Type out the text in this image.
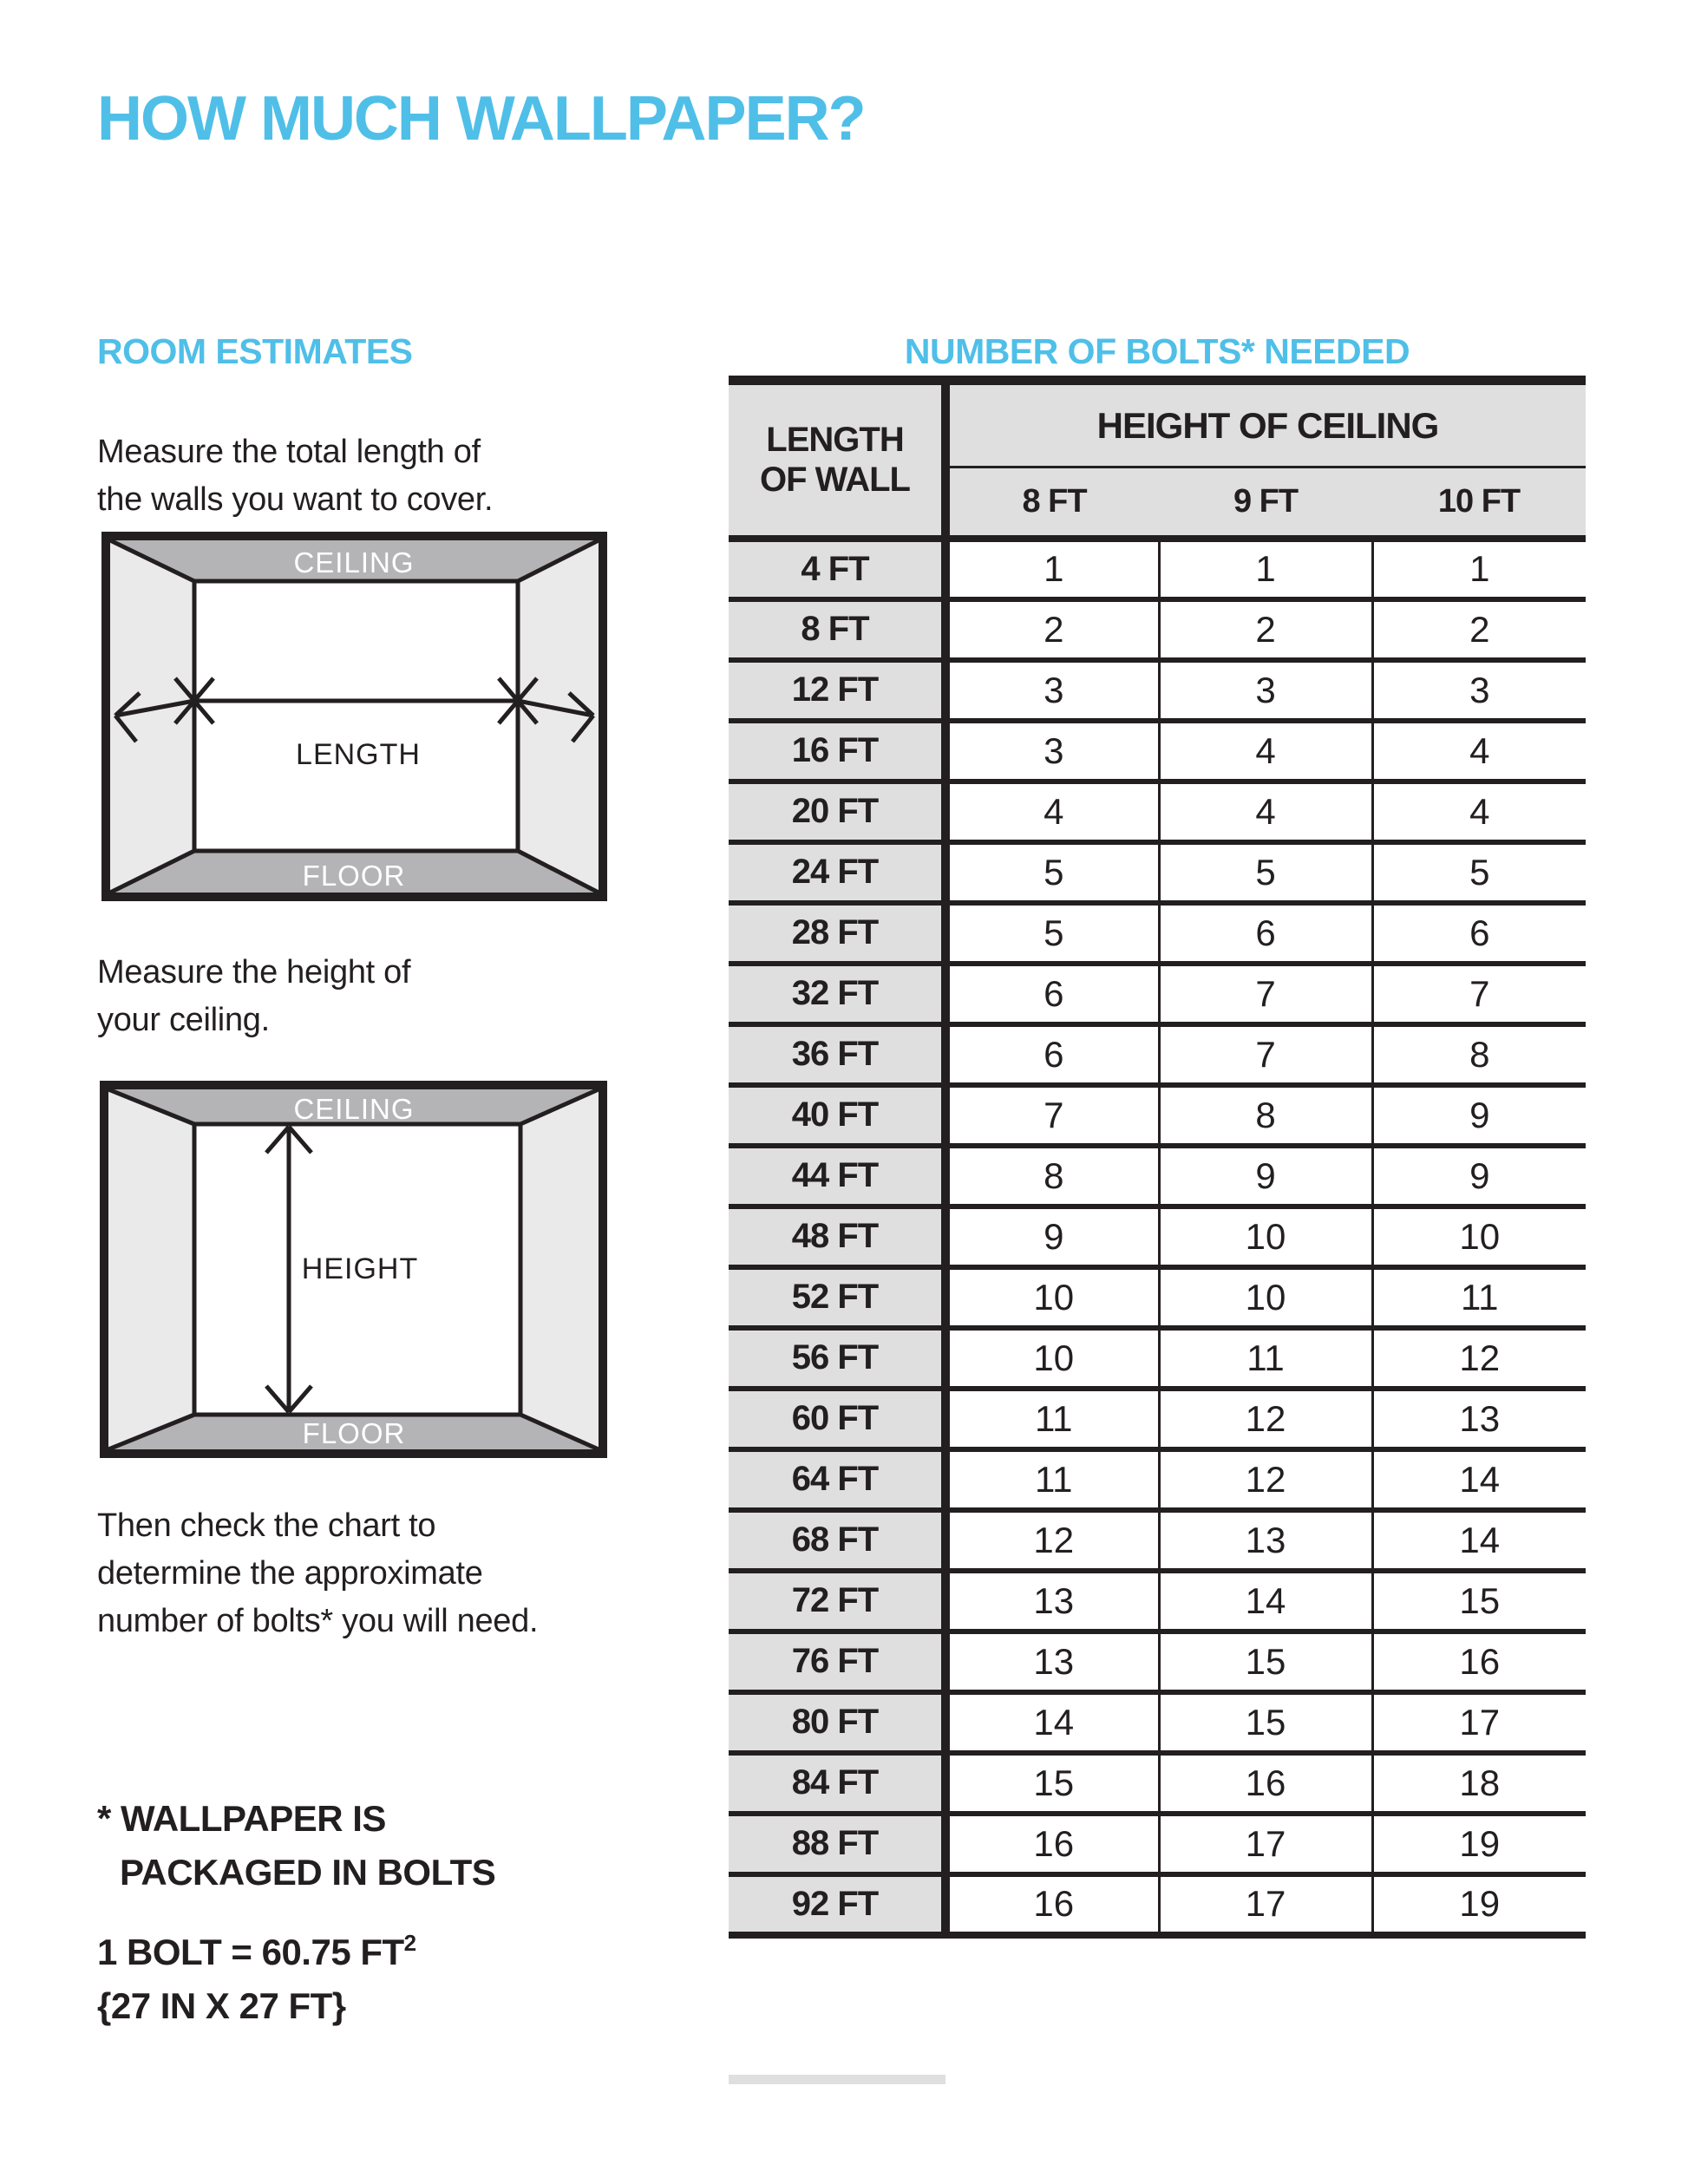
HOW MUCH WALLPAPER?
ROOM ESTIMATES
Measure the total length of
the walls you want to cover.
CEILING
FLOOR
LENGTH
Measure the height of
your ceiling.
CEILING
FLOOR
HEIGHT
Then check the chart to
determine the approximate
number of bolts* you will need.
* WALLPAPER IS
PACKAGED IN BOLTS
1 BOLT = 60.75 $FT^2$
{27 IN X 27 FT}
NUMBER OF BOLTS* NEEDED
LENGTH
OF WALL	HEIGHT OF CEILING		
	8 FT	9 FT	10 FT
4 FT	1	1	1
8 FT	2	2	2
12 FT	3	3	3
16 FT	3	4	4
20 FT	4	4	4
24 FT	5	5	5
28 FT	5	6	6
32 FT	6	7	7
36 FT	6	7	8
40 FT	7	8	9
44 FT	8	9	9
48 FT	9	10	10
52 FT	10	10	11
56 FT	10	11	12
60 FT	11	12	13
64 FT	11	12	14
68 FT	12	13	14
72 FT	13	14	15
76 FT	13	15	16
80 FT	14	15	17
84 FT	15	16	18
88 FT	16	17	19
92 FT	16	17	19
